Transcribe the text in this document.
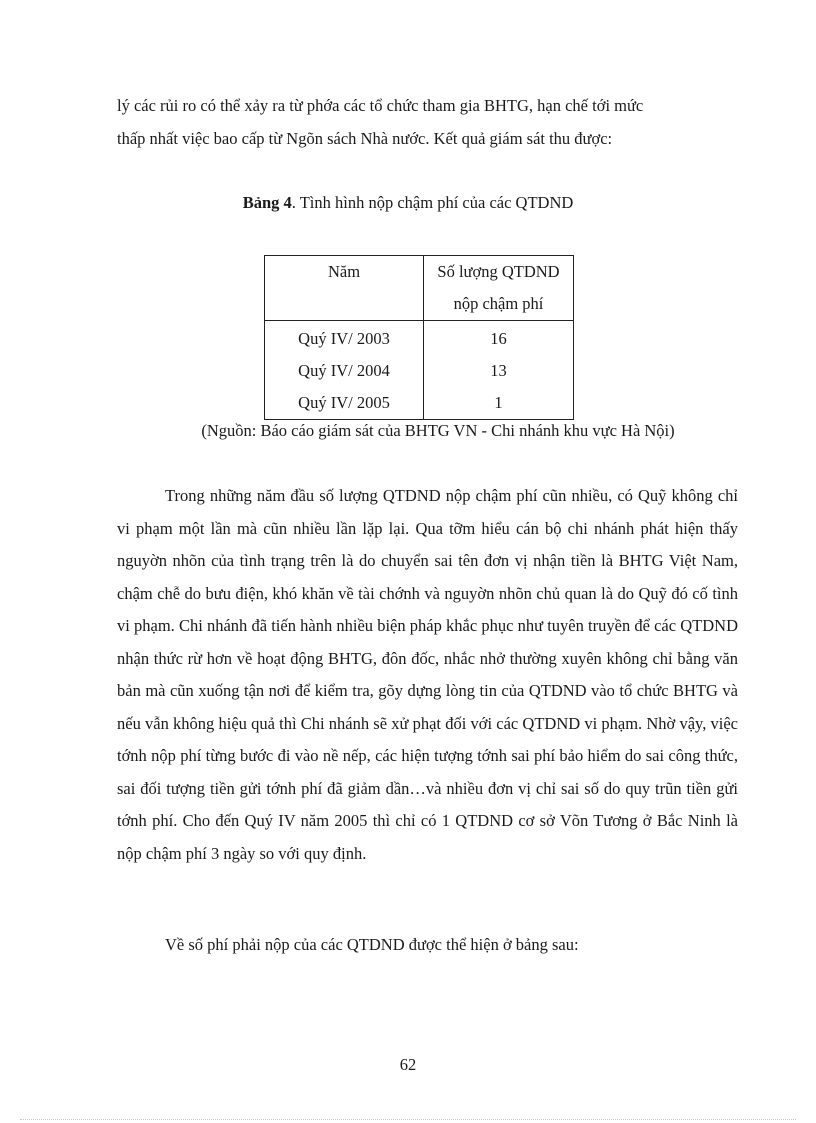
lý các rủi ro có thể xảy ra từ phớa các tổ chức tham gia BHTG, hạn chế tới mức
thấp nhất việc bao cấp từ Ngõn sách Nhà nước. Kết quả giám sát thu được:

Bảng 4. Tình hình nộp chậm phí của các QTDND

Năm	Số lượng QTDND
nộp chậm phí

Quý IV/ 2003	16
Quý IV/ 2004	13
Quý IV/ 2005	1

(Nguồn: Báo cáo giám sát của BHTG VN - Chi nhánh khu vực Hà Nội)

Trong những năm đầu số lượng QTDND nộp chậm phí cũn nhiều, có Quỹ không chỉ vi phạm một lần mà cũn nhiều lần lặp lại. Qua tỡm hiểu cán bộ chi nhánh phát hiện thấy nguyờn nhõn của tình trạng trên là do chuyển sai tên đơn vị nhận tiền là BHTG Việt Nam, chậm chễ do bưu điện, khó khăn về tài chớnh và nguyờn nhõn chủ quan là do Quỹ đó cố tình vi phạm. Chi nhánh đã tiến hành nhiều biện pháp khắc phục như tuyên truyền để các QTDND nhận thức rừ hơn về hoạt động BHTG, đôn đốc, nhắc nhở thường xuyên không chỉ bằng văn bản mà cũn xuống tận nơi để kiểm tra, gõy dựng lòng tin của QTDND vào tổ chức BHTG và nếu vẫn không hiệu quả thì Chi nhánh sẽ xử phạt đối với các QTDND vi phạm. Nhờ vậy, việc tớnh nộp phí từng bước đi vào nề nếp, các hiện tượng tớnh sai phí bảo hiểm do sai công thức, sai đối tượng tiền gửi tớnh phí đã giảm dần…và nhiều đơn vị chỉ sai số do quy trũn tiền gửi tớnh phí. Cho đến Quý IV năm 2005 thì chỉ có 1 QTDND cơ sở Võn Tương ở Bắc Ninh là nộp chậm phí 3 ngày so với quy định.

Về số phí phải nộp của các QTDND được thể hiện ở bảng sau:

62
